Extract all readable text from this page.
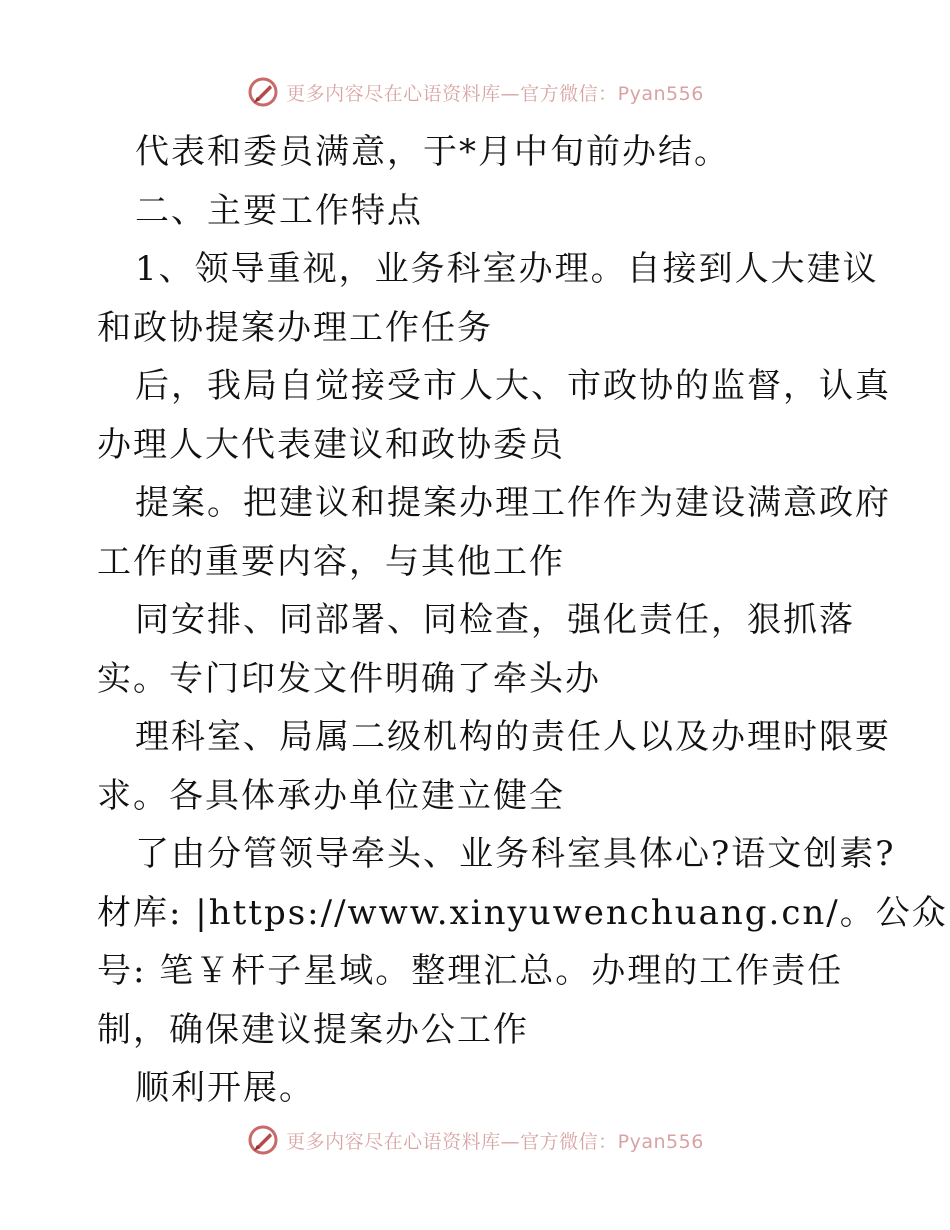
更多内容尽在心语资料库—官方微信：Pyan556
代表和委员满意，于*月中旬前办结。
二、主要工作特点
1、领导重视，业务科室办理。自接到人大建议
和政协提案办理工作任务
后，我局自觉接受市人大、市政协的监督，认真
办理人大代表建议和政协委员
提案。把建议和提案办理工作作为建设满意政府
工作的重要内容，与其他工作
同安排、同部署、同检查，强化责任，狠抓落
实。专门印发文件明确了牵头办
理科室、局属二级机构的责任人以及办理时限要
求。各具体承办单位建立健全
了由分管领导牵头、业务科室具体心?语文创素?
材库: |https://www.xinyuwenchuang.cn/。公众
号: 笔￥杆子星域。整理汇总。办理的工作责任
制，确保建议提案办公工作
顺利开展。
更多内容尽在心语资料库—官方微信：Pyan556
